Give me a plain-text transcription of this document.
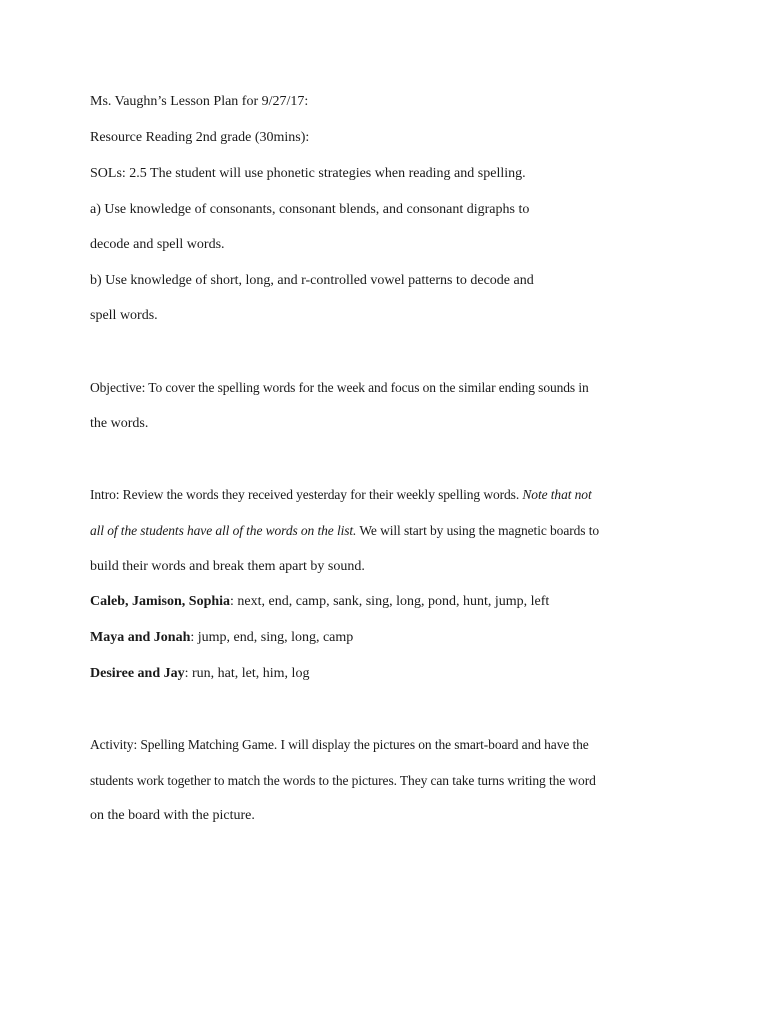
Ms. Vaughn’s Lesson Plan for 9/27/17:
Resource Reading 2nd grade (30mins):
SOLs: 2.5 The student will use phonetic strategies when reading and spelling.
a) Use knowledge of consonants, consonant blends, and consonant digraphs to
decode and spell words.
b) Use knowledge of short, long, and r-controlled vowel patterns to decode and
spell words.
Objective: To cover the spelling words for the week and focus on the similar ending sounds in
the words.
Intro: Review the words they received yesterday for their weekly spelling words. Note that not
all of the students have all of the words on the list. We will start by using the magnetic boards to
build their words and break them apart by sound.
Caleb, Jamison, Sophia: next, end, camp, sank, sing, long, pond, hunt, jump, left
Maya and Jonah: jump, end, sing, long, camp
Desiree and Jay: run, hat, let, him, log
Activity: Spelling Matching Game. I will display the pictures on the smart-board and have the
students work together to match the words to the pictures. They can take turns writing the word
on the board with the picture.
